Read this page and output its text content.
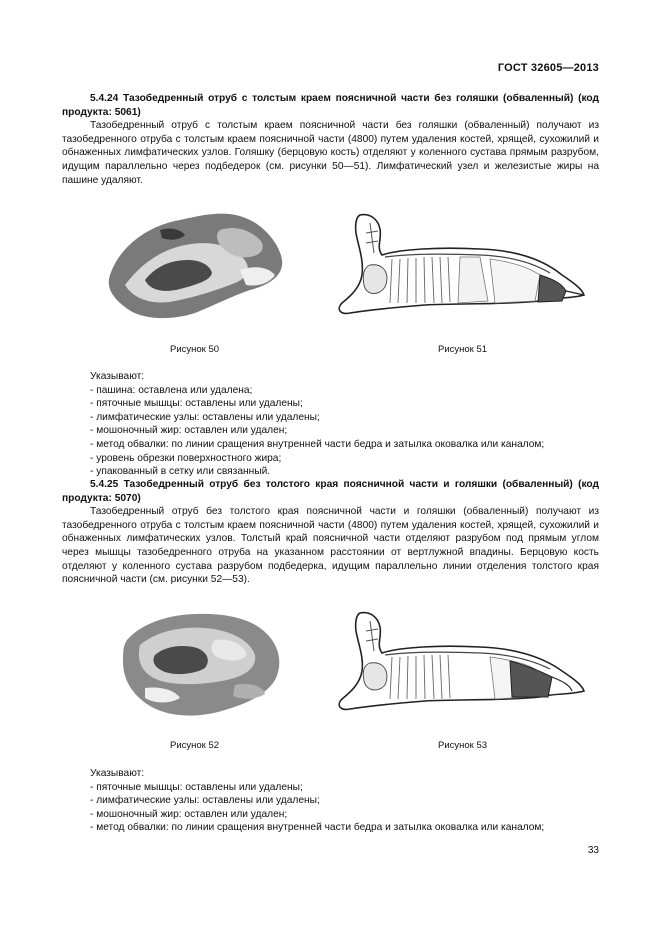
ГОСТ 32605—2013
5.4.24 Тазобедренный отруб с толстым краем поясничной части без голяшки (обваленный) (код продукта: 5061)
Тазобедренный отруб с толстым краем поясничной части без голяшки (обваленный) получают из тазобедренного отруба с толстым краем поясничной части (4800) путем удаления костей, хрящей, сухожилий и обнаженных лимфатических узлов. Голяшку (берцовую кость) отделяют у коленного сустава прямым разрубом, идущим параллельно через подбедерок (см. рисунки 50—51). Лимфатический узел и железистые жиры на пашине удаляют.
Рисунок 50	Рисунок 51
Указывают:
- пашина: оставлена или удалена;
- пяточные мышцы: оставлены или удалены;
- лимфатические узлы: оставлены или удалены;
- мошоночный жир: оставлен или удален;
- метод обвалки: по линии сращения внутренней части бедра и затылка оковалка или каналом;
- уровень обрезки поверхностного жира;
- упакованный в сетку или связанный.
5.4.25 Тазобедренный отруб без толстого края поясничной части и голяшки (обваленный) (код продукта: 5070)
Тазобедренный отруб без толстого края поясничной части и голяшки (обваленный) получают из тазобедренного отруба с толстым краем поясничной части (4800) путем удаления костей, хрящей, сухожилий и обнаженных лимфатических узлов. Толстый край поясничной части отделяют разрубом под прямым углом через мышцы тазобедренного отруба на указанном расстоянии от вертлужной впадины. Берцовую кость отделяют у коленного сустава разрубом подбедерка, идущим параллельно линии отделения толстого края поясничной части (см. рисунки 52—53).
Рисунок 52	Рисунок 53
Указывают:
- пяточные мышцы: оставлены или удалены;
- лимфатические узлы: оставлены или удалены;
- мошоночный жир: оставлен или удален;
- метод обвалки: по линии сращения внутренней части бедра и затылка оковалка или каналом;
33
